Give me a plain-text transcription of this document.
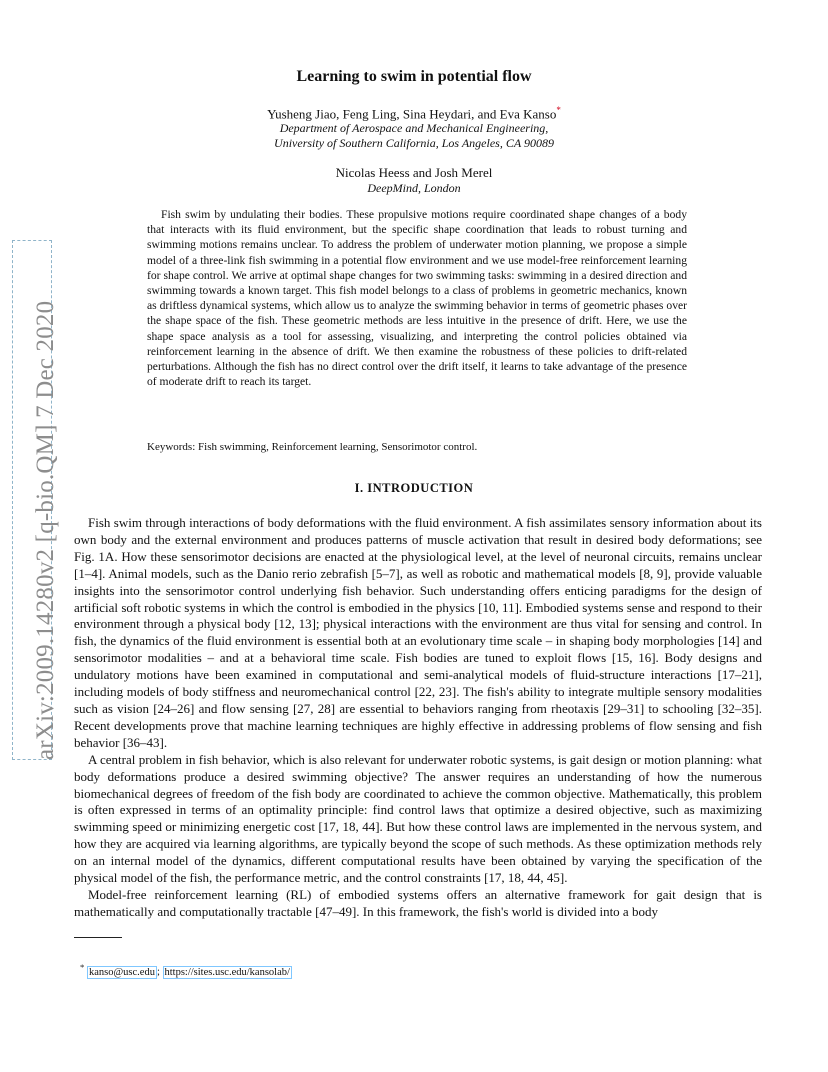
arXiv:2009.14280v2 [q-bio.QM] 7 Dec 2020
Learning to swim in potential flow
Yusheng Jiao, Feng Ling, Sina Heydari, and Eva Kanso*
Department of Aerospace and Mechanical Engineering,
University of Southern California, Los Angeles, CA 90089
Nicolas Heess and Josh Merel
DeepMind, London

Fish swim by undulating their bodies. These propulsive motions require coordinated shape changes of a body that interacts with its fluid environment, but the specific shape coordination that leads to robust turning and swimming motions remains unclear. To address the problem of underwater motion planning, we propose a simple model of a three-link fish swimming in a potential flow environment and we use model-free reinforcement learning for shape control. We arrive at optimal shape changes for two swimming tasks: swimming in a desired direction and swimming towards a known target. This fish model belongs to a class of problems in geometric mechanics, known as driftless dynamical systems, which allow us to analyze the swimming behavior in terms of geometric phases over the shape space of the fish. These geometric methods are less intuitive in the presence of drift. Here, we use the shape space analysis as a tool for assessing, visualizing, and interpreting the control policies obtained via reinforcement learning in the absence of drift. We then examine the robustness of these policies to drift-related perturbations. Although the fish has no direct control over the drift itself, it learns to take advantage of the presence of moderate drift to reach its target.

Keywords: Fish swimming, Reinforcement learning, Sensorimotor control.

I. INTRODUCTION

Fish swim through interactions of body deformations with the fluid environment. A fish assimilates sensory information about its own body and the external environment and produces patterns of muscle activation that result in desired body deformations; see Fig. 1A. How these sensorimotor decisions are enacted at the physiological level, at the level of neuronal circuits, remains unclear [1–4]. Animal models, such as the Danio rerio zebrafish [5–7], as well as robotic and mathematical models [8, 9], provide valuable insights into the sensorimotor control underlying fish behavior. Such understanding offers enticing paradigms for the design of artificial soft robotic systems in which the control is embodied in the physics [10, 11]. Embodied systems sense and respond to their environment through a physical body [12, 13]; physical interactions with the environment are thus vital for sensing and control. In fish, the dynamics of the fluid environment is essential both at an evolutionary time scale – in shaping body morphologies [14] and sensorimotor modalities – and at a behavioral time scale. Fish bodies are tuned to exploit flows [15, 16]. Body designs and undulatory motions have been examined in computational and semi-analytical models of fluid-structure interactions [17–21], including models of body stiffness and neuromechanical control [22, 23]. The fish's ability to integrate multiple sensory modalities such as vision [24–26] and flow sensing [27, 28] are essential to behaviors ranging from rheotaxis [29–31] to schooling [32–35]. Recent developments prove that machine learning techniques are highly effective in addressing problems of flow sensing and fish behavior [36–43].

A central problem in fish behavior, which is also relevant for underwater robotic systems, is gait design or motion planning: what body deformations produce a desired swimming objective? The answer requires an understanding of how the numerous biomechanical degrees of freedom of the fish body are coordinated to achieve the common objective. Mathematically, this problem is often expressed in terms of an optimality principle: find control laws that optimize a desired objective, such as maximizing swimming speed or minimizing energetic cost [17, 18, 44]. But how these control laws are implemented in the nervous system, and how they are acquired via learning algorithms, are typically beyond the scope of such methods. As these optimization methods rely on an internal model of the dynamics, different computational results have been obtained by varying the specification of the physical model of the fish, the performance metric, and the control constraints [17, 18, 44, 45].

Model-free reinforcement learning (RL) of embodied systems offers an alternative framework for gait design that is mathematically and computationally tractable [47–49]. In this framework, the fish's world is divided into a body

* kanso@usc.edu ; https://sites.usc.edu/kansolab/
